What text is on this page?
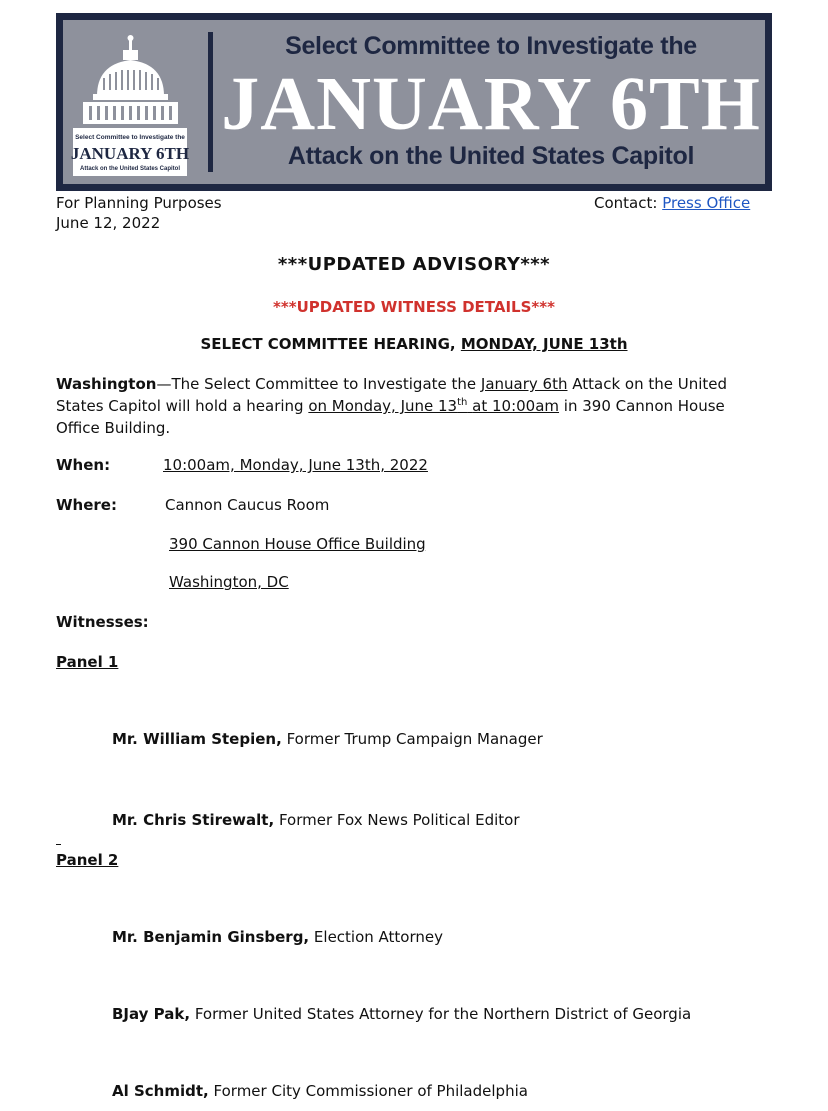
Select Committee to Investigate the
JANUARY 6TH
Attack on the United States Capitol
Select Committee to Investigate the
JANUARY 6TH
Attack on the United States Capitol
For Planning Purposes
June 12, 2022
Contact: Press Office
***UPDATED ADVISORY***
***UPDATED WITNESS DETAILS***
SELECT COMMITTEE HEARING, MONDAY, JUNE 13th
Washington—The Select Committee to Investigate the January 6th Attack on the United
States Capitol will hold a hearing on Monday, June 13th at 10:00am in 390 Cannon House
Office Building.
When:	10:00am, Monday, June 13th, 2022
Where:	Cannon Caucus Room
390 Cannon House Office Building
Washington, DC
Witnesses:
Panel 1
Mr. William Stepien, Former Trump Campaign Manager
Mr. Chris Stirewalt, Former Fox News Political Editor
Panel 2
Mr. Benjamin Ginsberg, Election Attorney
BJay Pak, Former United States Attorney for the Northern District of Georgia
Al Schmidt, Former City Commissioner of Philadelphia
